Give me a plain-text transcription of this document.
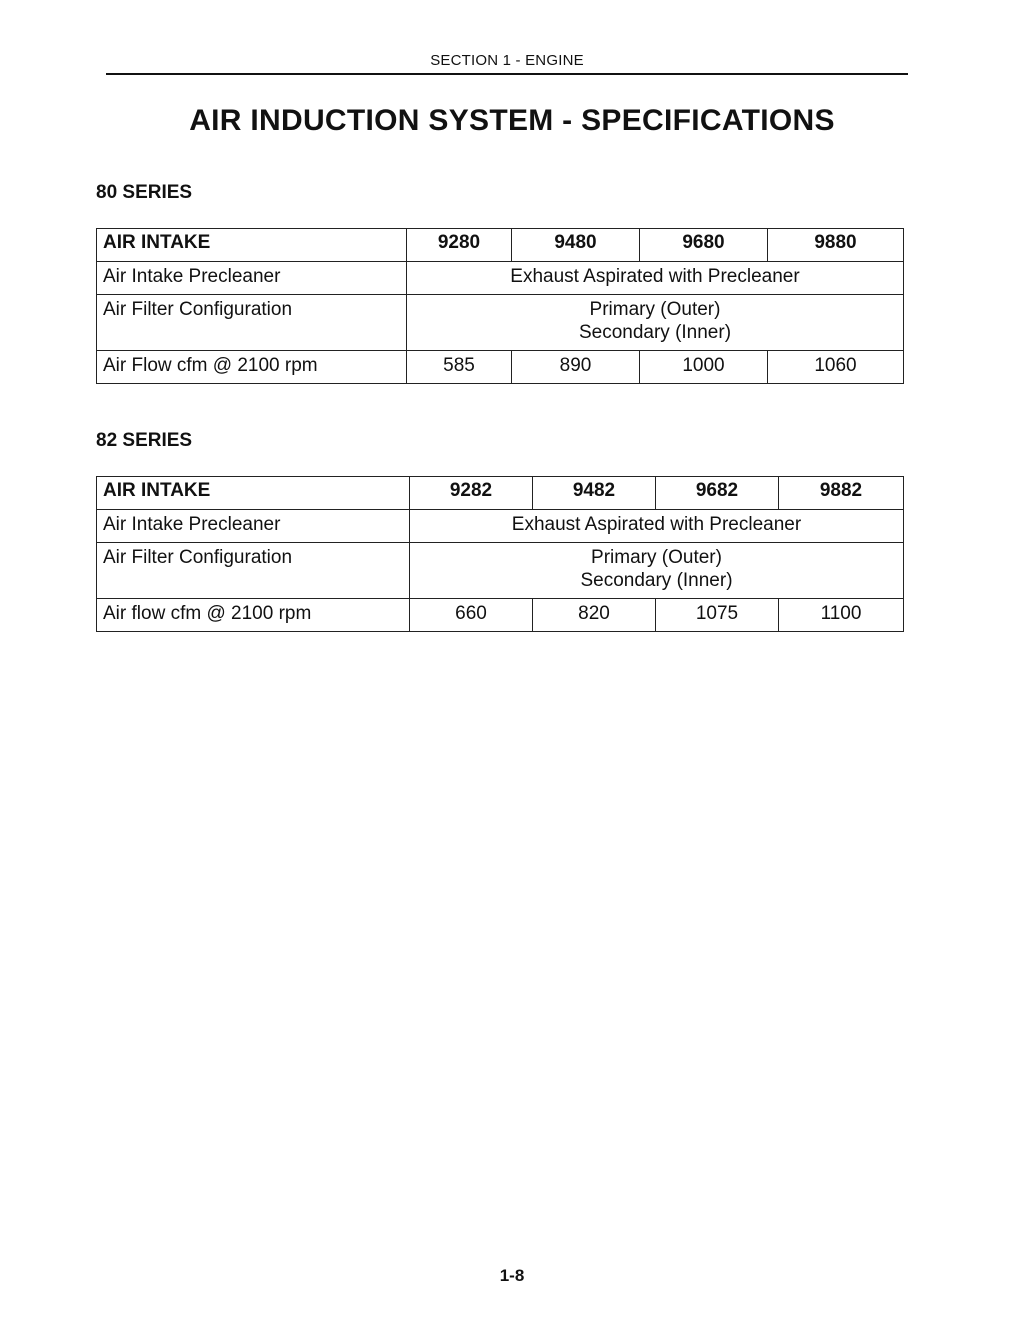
SECTION 1 - ENGINE
AIR INDUCTION SYSTEM - SPECIFICATIONS
80 SERIES
AIR INTAKE	9280	9480	9680	9880
Air Intake Precleaner	Exhaust Aspirated with Precleaner			
Air Filter Configuration	Primary (Outer)
Secondary (Inner)			

Air Flow cfm @ 2100 rpm	585	890	1000	1060
82 SERIES
AIR INTAKE	9282	9482	9682	9882
Air Intake Precleaner	Exhaust Aspirated with Precleaner			
Air Filter Configuration	Primary (Outer)
Secondary (Inner)			

Air flow cfm @ 2100 rpm	660	820	1075	1100
1-8
